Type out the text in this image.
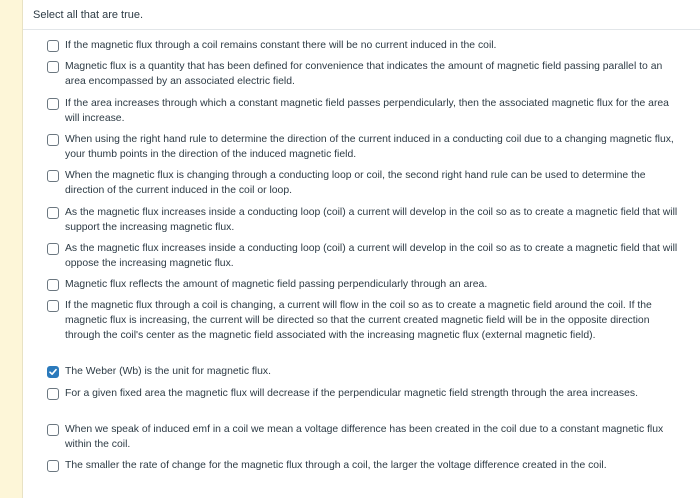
Select all that are true.
If the magnetic flux through a coil remains constant there will be no current induced in the coil.
Magnetic flux is a quantity that has been defined for convenience that indicates the amount of magnetic field passing parallel to an area encompassed by an associated electric field.
If the area increases through which a constant magnetic field passes perpendicularly, then the associated magnetic flux for the area will increase.
When using the right hand rule to determine the direction of the current induced in a conducting coil due to a changing magnetic flux, your thumb points in the direction of the induced magnetic field.
When the magnetic flux is changing through a conducting loop or coil, the second right hand rule can be used to determine the direction of the current induced in the coil or loop.
As the magnetic flux increases inside a conducting loop (coil) a current will develop in the coil so as to create a magnetic field that will support the increasing magnetic flux.
As the magnetic flux increases inside a conducting loop (coil) a current will develop in the coil so as to create a magnetic field that will oppose the increasing magnetic flux.
Magnetic flux reflects the amount of magnetic field passing perpendicularly through an area.
If the magnetic flux through a coil is changing, a current will flow in the coil so as to create a magnetic field around the coil. If the magnetic flux is increasing, the current will be directed so that the current created magnetic field will be in the opposite direction through the coil's center as the magnetic field associated with the increasing magnetic flux (external magnetic field).
The Weber (Wb) is the unit for magnetic flux.
For a given fixed area the magnetic flux will decrease if the perpendicular magnetic field strength through the area increases.
When we speak of induced emf in a coil we mean a voltage difference has been created in the coil due to a constant magnetic flux within the coil.
The smaller the rate of change for the magnetic flux through a coil, the larger the voltage difference created in the coil.
